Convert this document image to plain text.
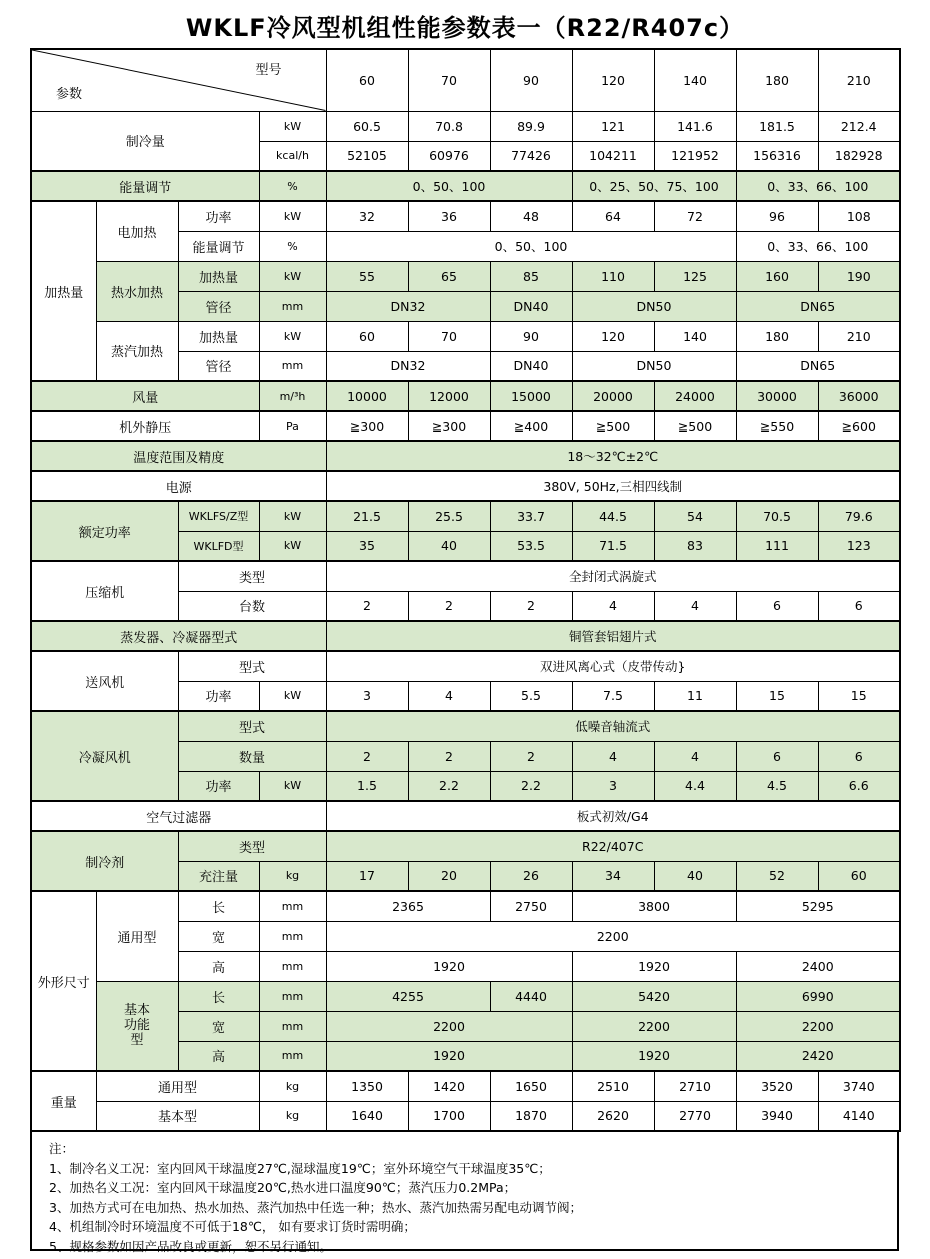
WKLF冷风型机组性能参数表一（R22/R407c）
型号
参数				60	70	90	120	140	180	210
制冷量			kW	60.5	70.8	89.9	121	141.6	181.5	212.4
			kcal/h	52105	60976	77426	104211	121952	156316	182928
能量调节			%	0、50、100			0、25、50、75、100		0、33、66、100	
加热量	电加热	功率	kW	32	36	48	64	72	96	108
		能量调节	%	0、50、100					0、33、66、100	
	热水加热	加热量	kW	55	65	85	110	125	160	190
		管径	mm	DN32		DN40	DN50		DN65	
	蒸汽加热	加热量	kW	60	70	90	120	140	180	210
		管径	mm	DN32		DN40	DN50		DN65	
风量			m/³h	10000	12000	15000	20000	24000	30000	36000
机外静压			Pa	≧300	≧300	≧400	≧500	≧500	≧550	≧600
温度范围及精度				18～32℃±2℃						
电源				380V, 50Hz,三相四线制						
额定功率		WKLFS/Z型	kW	21.5	25.5	33.7	44.5	54	70.5	79.6
		WKLFD型	kW	35	40	53.5	71.5	83	111	123
压缩机		类型		全封闭式涡旋式						
		台数		2	2	2	4	4	6	6
蒸发器、冷凝器型式				铜管套铝翅片式						
送风机		型式		双进风离心式（皮带传动}						
		功率	kW	3	4	5.5	7.5	11	15	15
冷凝风机		型式		低噪音轴流式						
		数量		2	2	2	4	4	6	6
		功率	kW	1.5	2.2	2.2	3	4.4	4.5	6.6
空气过滤器				板式初效/G4						
制冷剂		类型		R22/407C						
		充注量	kg	17	20	26	34	40	52	60
外形尺寸	通用型	长	mm	2365		2750	3800		5295	
		宽	mm	2200						
		高	mm	1920			1920		2400	
	基本功能型	长	mm	4255		4440	5420		6990	
		宽	mm	2200			2200		2200	
		高	mm	1920			1920		2420	
重量	通用型		kg	1350	1420	1650	2510	2710	3520	3740
	基本型		kg	1640	1700	1870	2620	2770	3940	4140
注：
1、制冷名义工况：室内回风干球温度27℃,湿球温度19℃；室外环境空气干球温度35℃；
2、加热名义工况：室内回风干球温度20℃,热水进口温度90℃；蒸汽压力0.2MPa；
3、加热方式可在电加热、热水加热、蒸汽加热中任选一种；热水、蒸汽加热需另配电动调节阀；
4、机组制冷时环境温度不可低于18℃， 如有要求订货时需明确；
5、规格参数如因产品改良或更新，恕不另行通知。
